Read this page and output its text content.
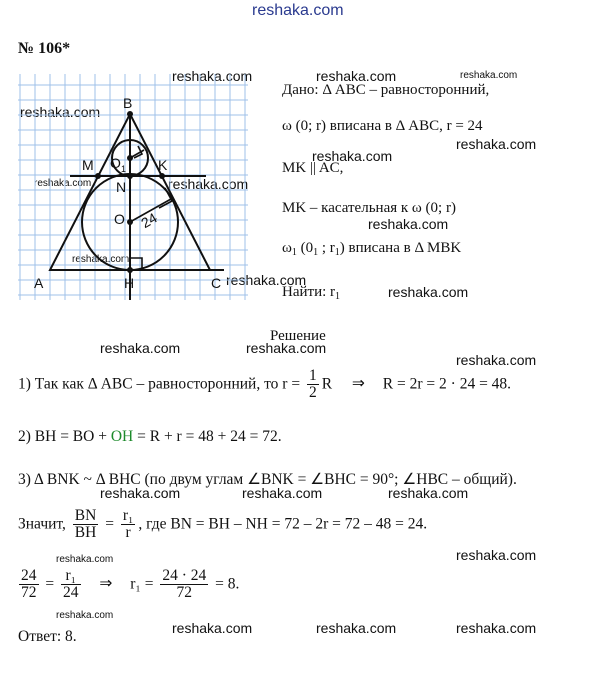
reshaka.com
reshaka.com	reshaka.com	reshaka.com
reshaka.com
reshaka.com
reshaka.com
reshaka.com	reshaka.com
reshaka.com
reshaka.com
reshaka.com
reshaka.com
reshaka.com	reshaka.com
reshaka.com
reshaka.com	reshaka.com	reshaka.com
reshaka.com	reshaka.com
reshaka.com
reshaka.com	reshaka.com	reshaka.com
№ 106*
B
M O 1 K
N
O 24
A	H	C
Дано: Δ ABC – равносторонний,
ω (0; r) вписана в Δ ABC, r = 24
MK || AC,
MK – касательная к ω (0; r)
$\omega_1$ ($0_1$ ; $r_1$) вписана в Δ MBK
Найти: $r_1$
Решение
1) Так как Δ ABC – равносторонний, то $r = \frac{1}{2}$ R ⇒ R = 2r = 2 · 24 = 48.
2) BH = BO + OH = R + r = 48 + 24 = 72.
3) Δ BNK ~ Δ BHC (по двум углам ∠BNK = ∠BHC = 90°; ∠HBC – общий).
Значит, $\frac{BN}{BH} = \frac{\text{r₁}}{r}$ , где BN = BH – NH = 72 – 2r = 72 – 48 = 24.
$\frac{24}{72} = \frac{\text{r₁}}{24}$ ⇒ $r_1 = \frac{24 \cdot 24}{72} = 8$.
Ответ: 8.
